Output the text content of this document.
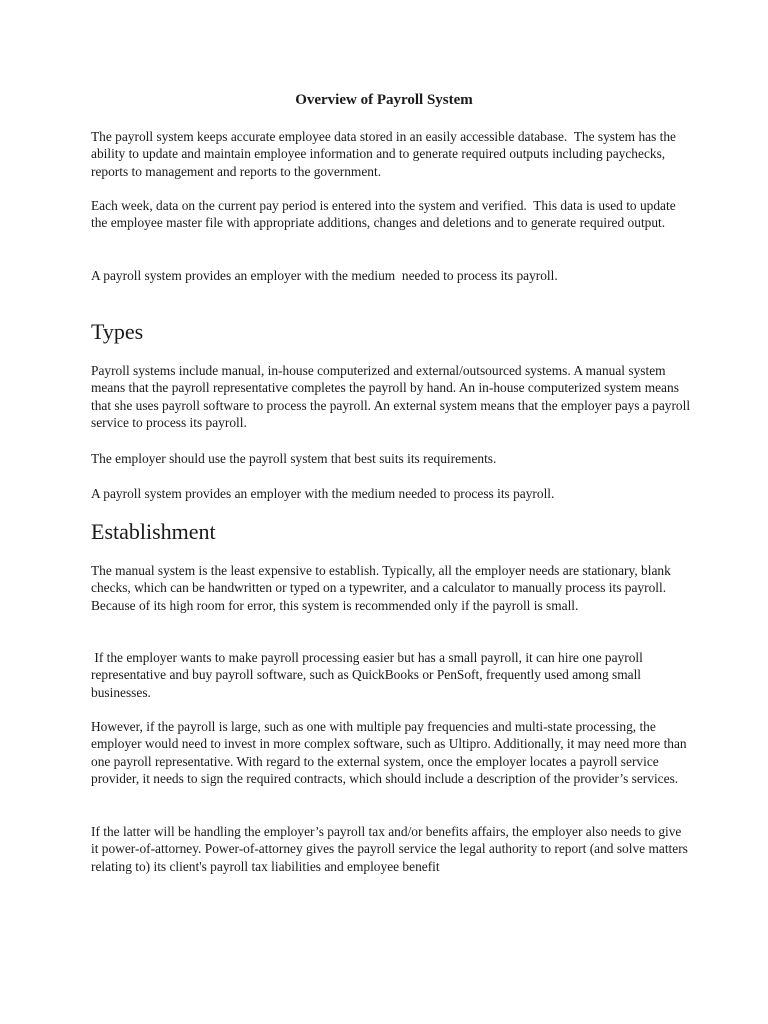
Overview of Payroll System

The payroll system keeps accurate employee data stored in an easily accessible database.  The system has the ability to update and maintain employee information and to generate required outputs including paychecks, reports to management and reports to the government.

Each week, data on the current pay period is entered into the system and verified.  This data is used to update the employee master file with appropriate additions, changes and deletions and to generate required output.

A payroll system provides an employer with the medium  needed to process its payroll.

Types

Payroll systems include manual, in-house computerized and external/outsourced systems. A manual system means that the payroll representative completes the payroll by hand. An in-house computerized system means that she uses payroll software to process the payroll. An external system means that the employer pays a payroll service to process its payroll.

The employer should use the payroll system that best suits its requirements.

A payroll system provides an employer with the medium needed to process its payroll.

Establishment

The manual system is the least expensive to establish. Typically, all the employer needs are stationary, blank checks, which can be handwritten or typed on a typewriter, and a calculator to manually process its payroll. Because of its high room for error, this system is recommended only if the payroll is small.

If the employer wants to make payroll processing easier but has a small payroll, it can hire one payroll representative and buy payroll software, such as QuickBooks or PenSoft, frequently used among small businesses.

However, if the payroll is large, such as one with multiple pay frequencies and multi-state processing, the employer would need to invest in more complex software, such as Ultipro. Additionally, it may need more than one payroll representative. With regard to the external system, once the employer locates a payroll service provider, it needs to sign the required contracts, which should include a description of the provider’s services.

If the latter will be handling the employer’s payroll tax and/or benefits affairs, the employer also needs to give it power-of-attorney. Power-of-attorney gives the payroll service the legal authority to report (and solve matters relating to) its client's payroll tax liabilities and employee benefit
